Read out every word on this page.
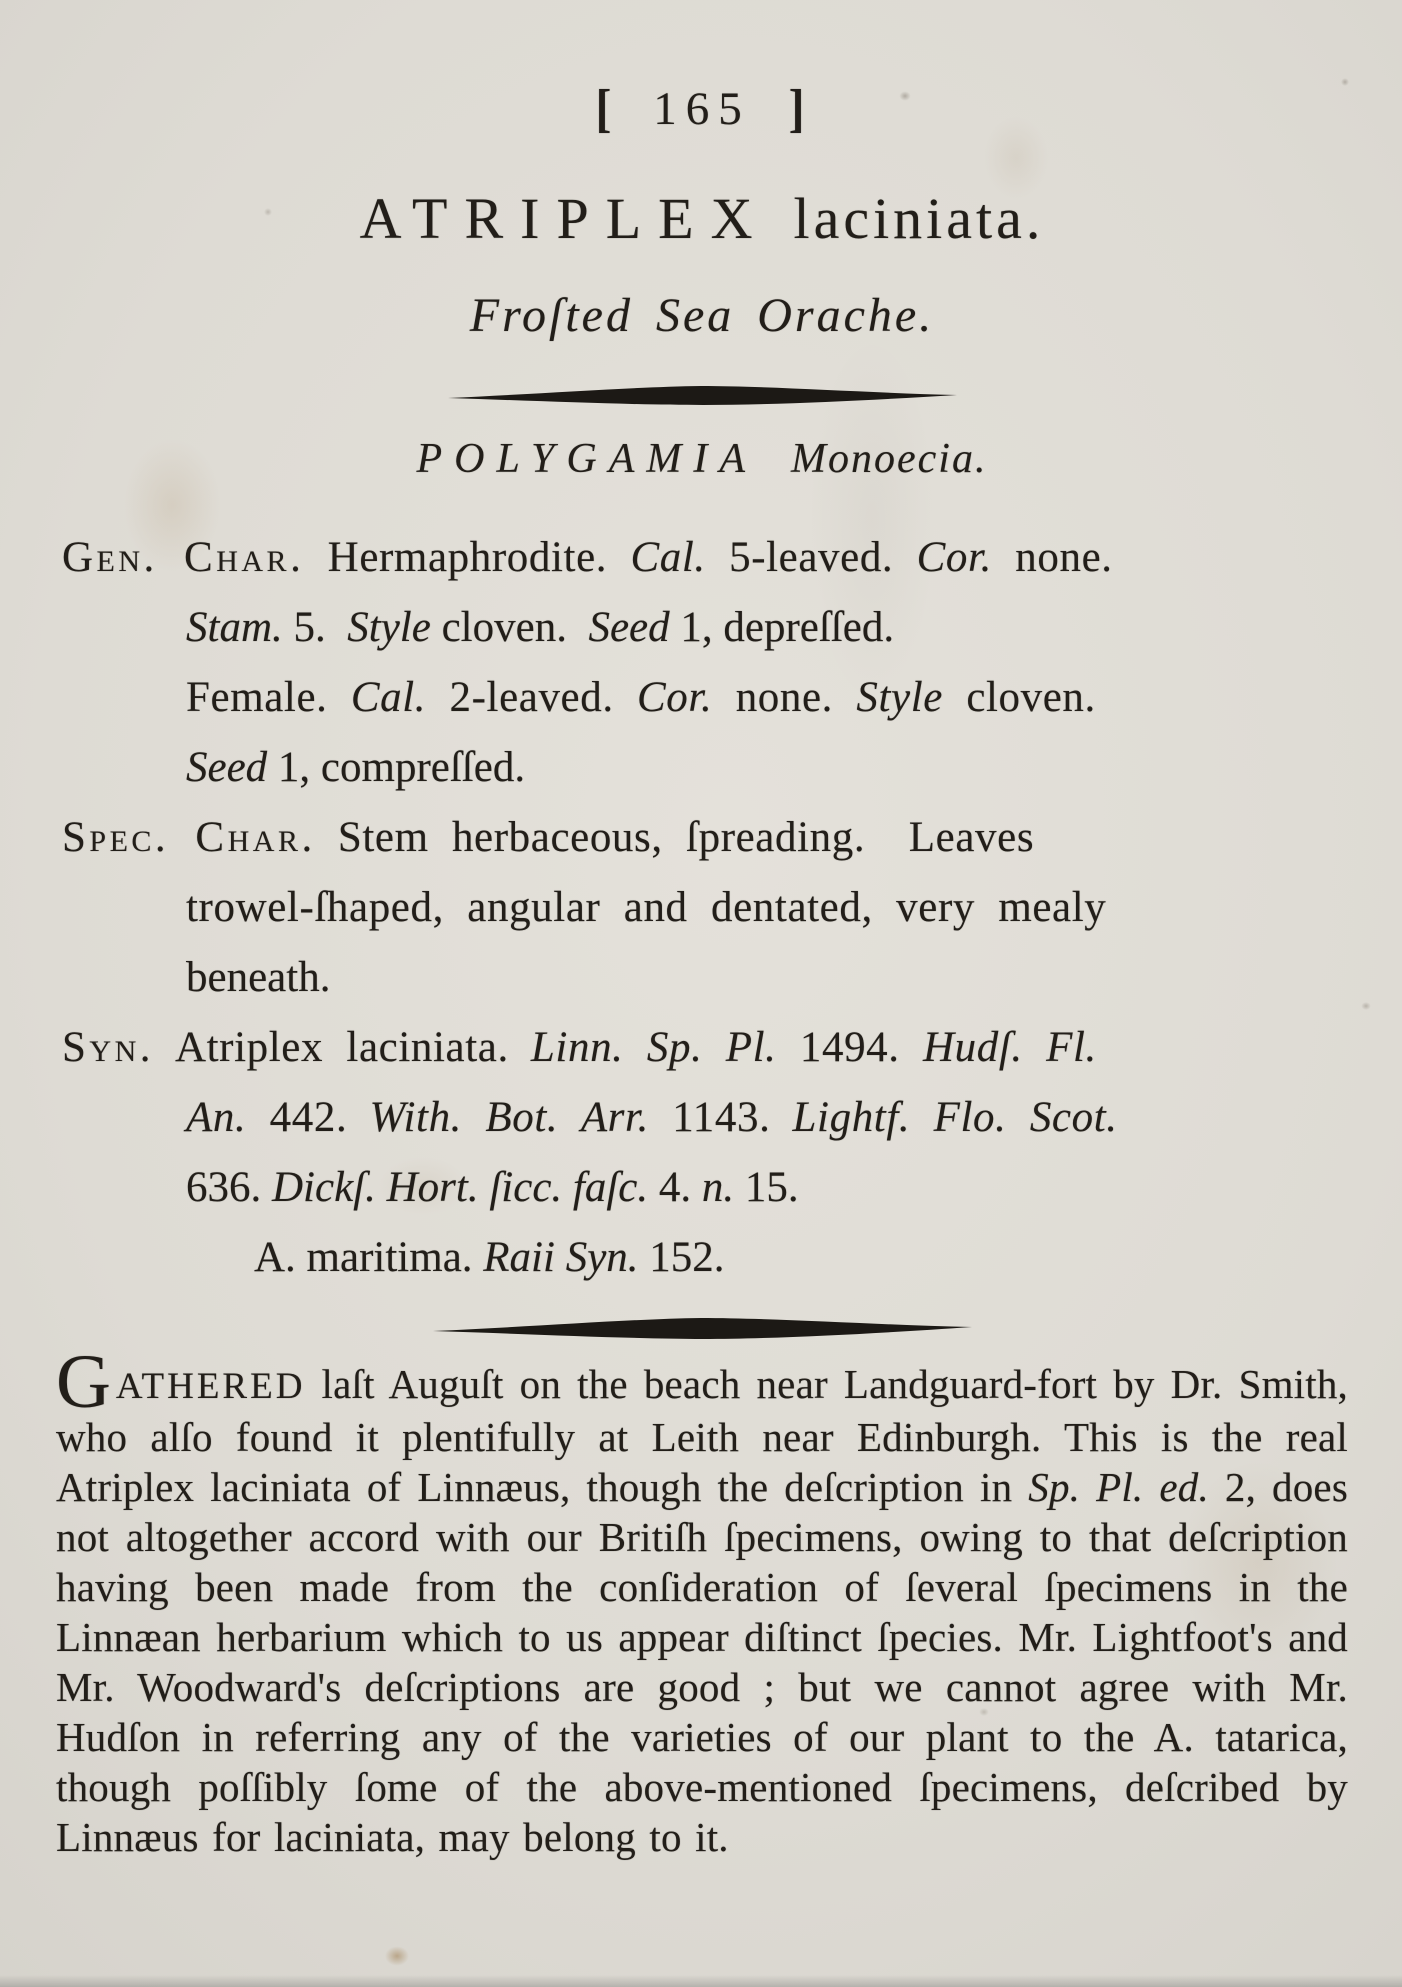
[ 165 ]
ATRIPLEX laciniata.
Froſted Sea Orache.
POLYGAMIA Monoecia.
Gen. Char. Hermaphrodite. Cal. 5-leaved. Cor. none.
Stam. 5. Style cloven. Seed 1, depreſſed.
Female. Cal. 2-leaved. Cor. none. Style cloven.
Seed 1, compreſſed.
Spec. Char. Stem herbaceous, ſpreading. Leaves
trowel-ſhaped, angular and dentated, very mealy
beneath.
Syn. Atriplex laciniata. Linn. Sp. Pl. 1494. Hudſ. Fl.
An. 442. With. Bot. Arr. 1143. Lightf. Flo. Scot.
636. Dickſ. Hort. ſicc. faſc. 4. n. 15.
A. maritima. Raii Syn. 152.
GATHERED laſt Auguſt on the beach near Landguard-fort by Dr. Smith, who alſo found it plentifully at Leith near Edinburgh. This is the real Atriplex laciniata of Linnæus, though the deſcription in Sp. Pl. ed. 2, does not altogether accord with our Britiſh ſpecimens, owing to that deſcription having been made from the conſideration of ſeveral ſpecimens in the Linnæan herbarium which to us appear diſtinct ſpecies. Mr. Lightfoot's and Mr. Woodward's deſcriptions are good ; but we cannot agree with Mr. Hudſon in referring any of the varieties of our plant to the A. tatarica, though poſſibly ſome of the above-mentioned ſpecimens, deſcribed by Linnæus for laciniata, may belong to it.
